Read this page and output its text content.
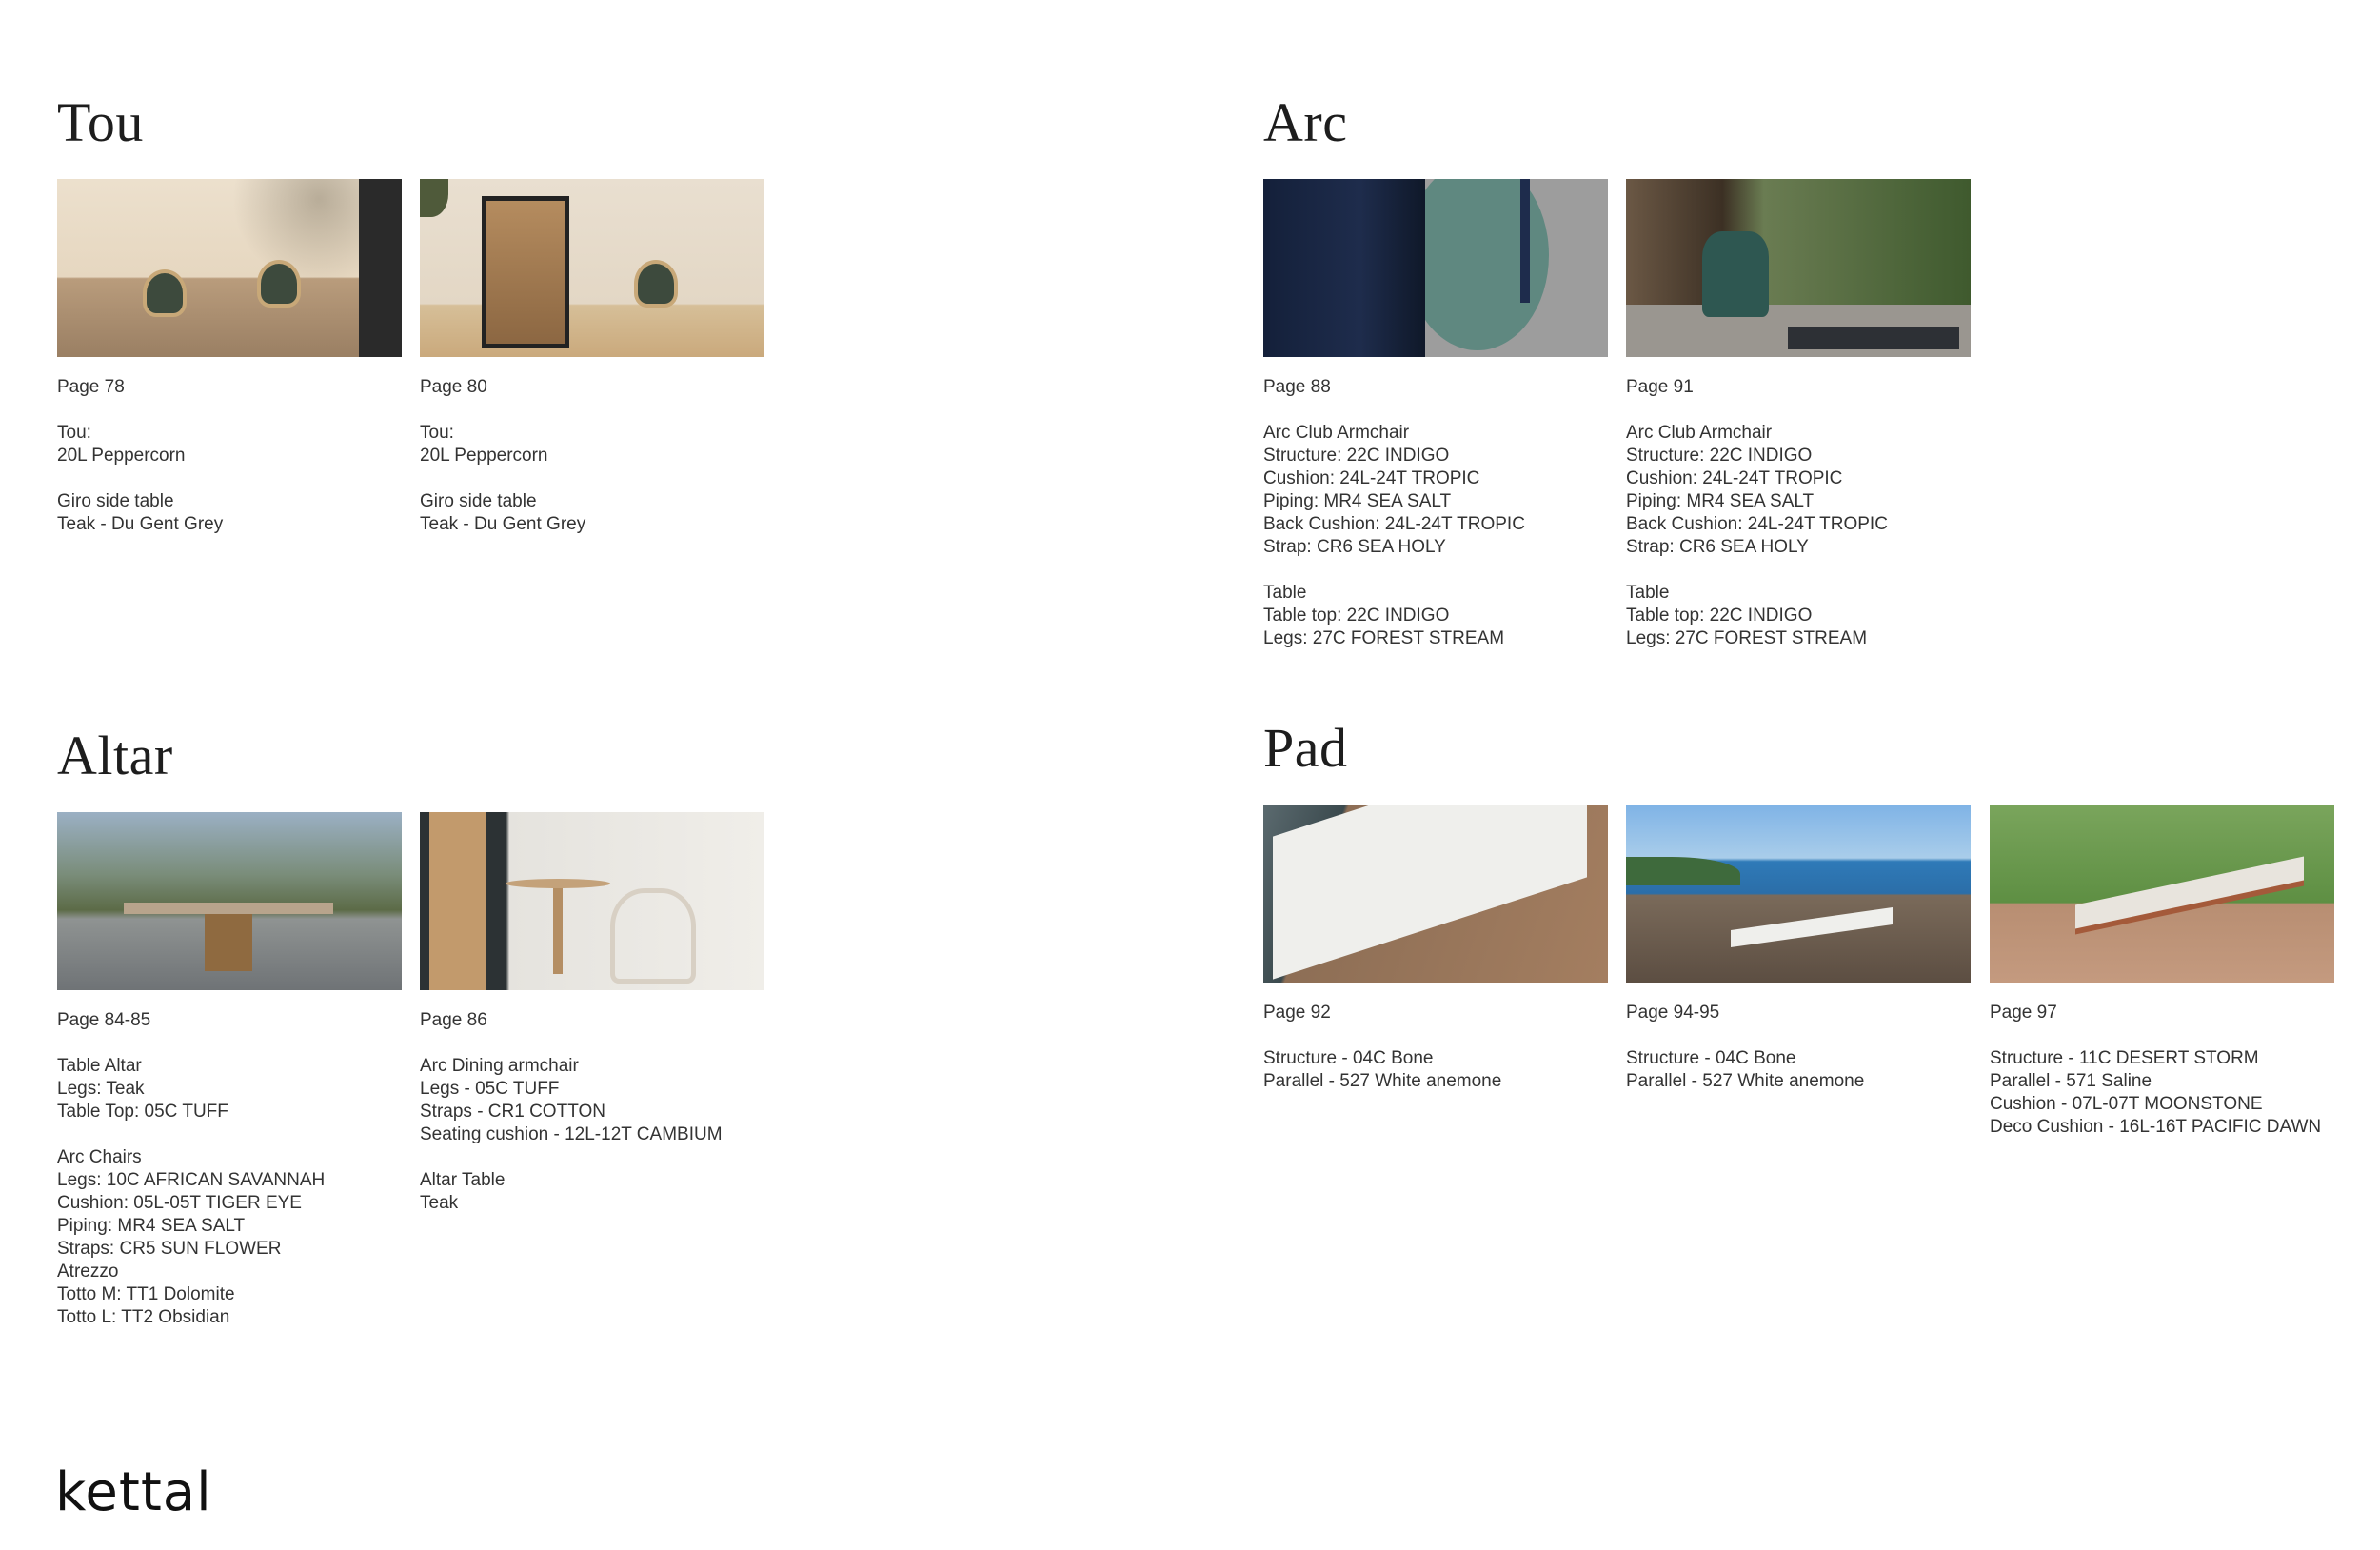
Tou
Page 78
Tou:
20L Peppercorn
Giro side table
Teak - Du Gent Grey
Page 80
Tou:
20L Peppercorn
Giro side table
Teak - Du Gent Grey
Arc
Page 88
Arc Club Armchair
Structure: 22C INDIGO
Cushion: 24L-24T TROPIC
Piping: MR4 SEA SALT
Back Cushion: 24L-24T TROPIC
Strap: CR6 SEA HOLY
Table
Table top: 22C INDIGO
Legs: 27C FOREST STREAM
Page 91
Arc Club Armchair
Structure: 22C INDIGO
Cushion: 24L-24T TROPIC
Piping: MR4 SEA SALT
Back Cushion: 24L-24T TROPIC
Strap: CR6 SEA HOLY
Table
Table top: 22C INDIGO
Legs: 27C FOREST STREAM
Altar
Page 84-85
Table Altar
Legs: Teak
Table Top: 05C TUFF
Arc Chairs
Legs: 10C AFRICAN SAVANNAH
Cushion: 05L-05T TIGER EYE
Piping: MR4 SEA SALT
Straps: CR5 SUN FLOWER
Atrezzo
Totto M: TT1 Dolomite
Totto L: TT2 Obsidian
Page 86
Arc Dining armchair
Legs - 05C TUFF
Straps - CR1 COTTON
Seating cushion - 12L-12T CAMBIUM
Altar Table
Teak
Pad
Page 92
Structure - 04C Bone
Parallel - 527 White anemone
Page 94-95
Structure - 04C Bone
Parallel - 527 White anemone
Page 97
Structure - 11C DESERT STORM
Parallel - 571 Saline
Cushion - 07L-07T MOONSTONE
Deco Cushion - 16L-16T PACIFIC DAWN
kettal
